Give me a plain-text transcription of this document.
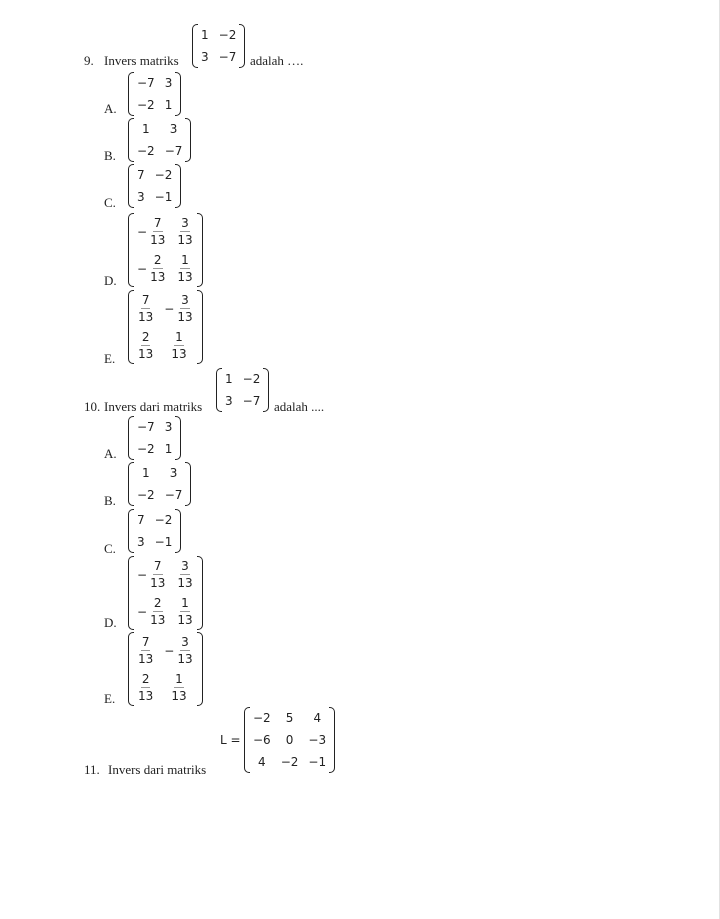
9. Invers matriks
1 −2
3 −7 adalah ….
A.
−7 3
−2 1
B.
1	3
−2 −7
C.
7 −2
3 −1
D.
− $\frac{7}{13} \frac{3}{13}$
− $\frac{2}{13} \frac{1}{13}$
E.
$\frac{7}{13} - \frac{3}{13}$
$\frac{2}{13} \frac{1}{13}$
10. Invers dari matriks
1 −2
3 −7 adalah ....
A.
−7 3
−2 1
B.
1	3
−2 −7
C.
7 −2
3 −1
D.
− $\frac{7}{13} \frac{3}{13}$
− $\frac{2}{13} \frac{1}{13}$
E.
$\frac{7}{13} - \frac{3}{13}$
$\frac{2}{13} \frac{1}{13}$
L =
−2	5	4
−6	0	−3
4	−2 −1
11. Invers dari matriks
